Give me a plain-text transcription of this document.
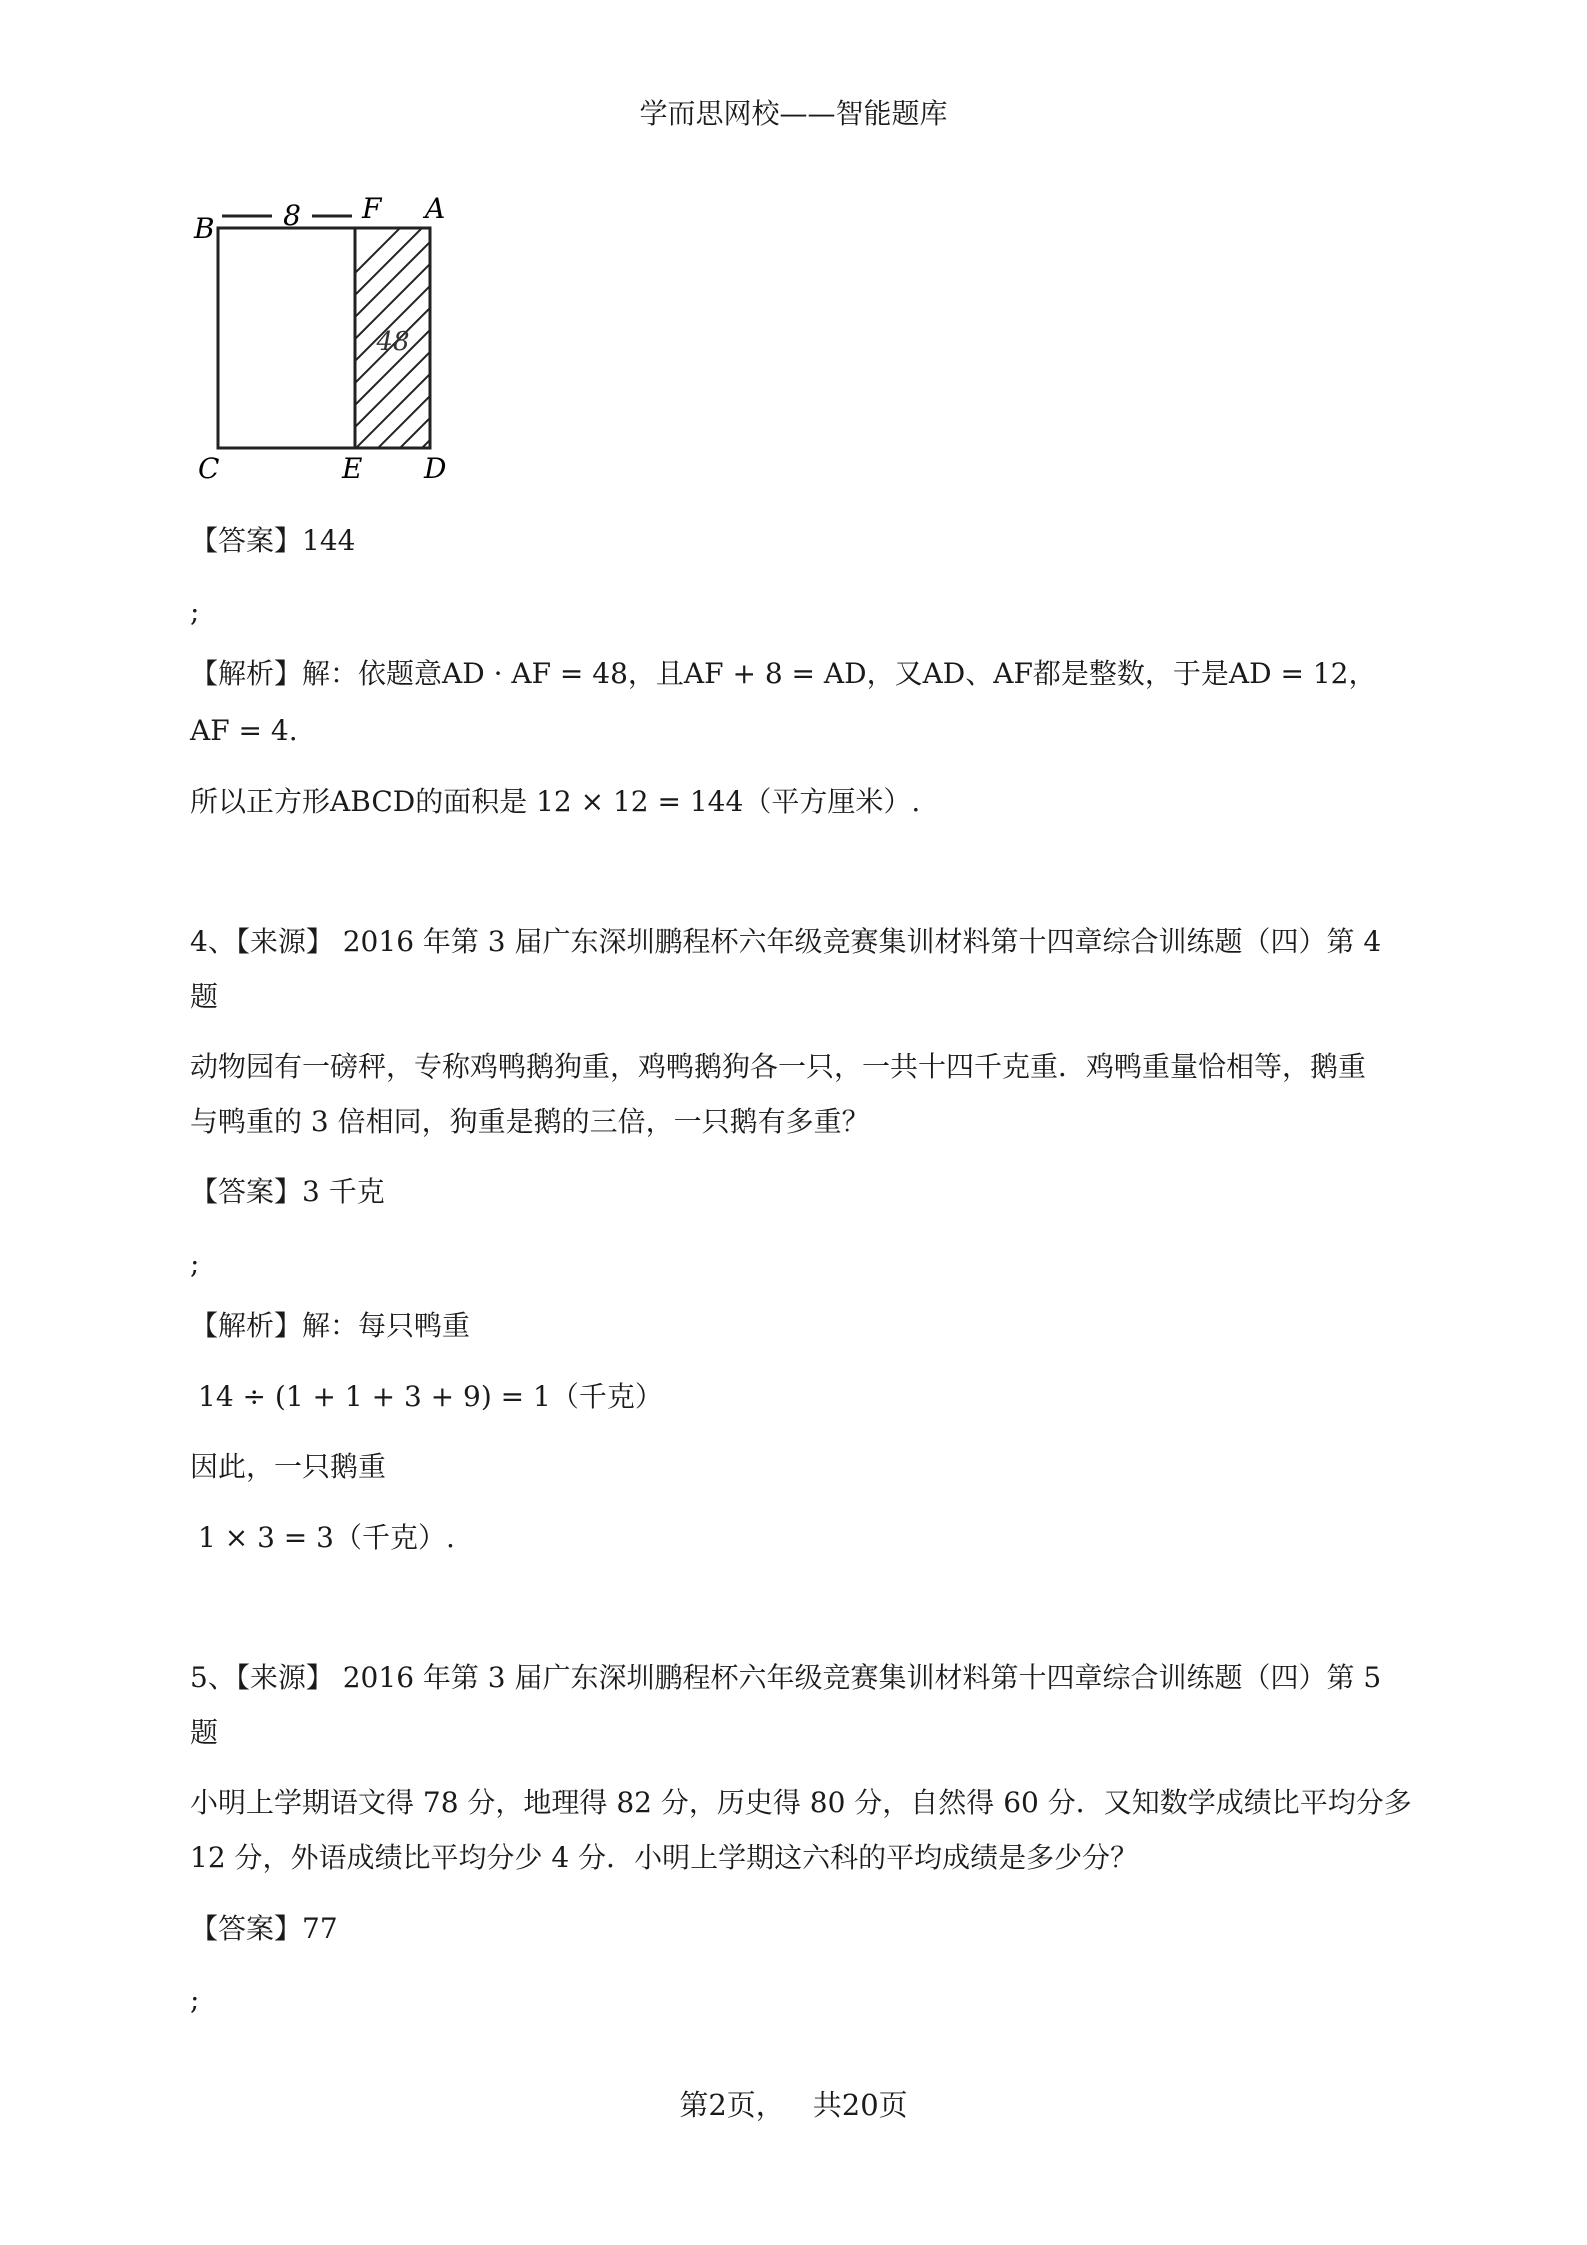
学而思网校——智能题库
8
48
B
F A
C	E D
【答案】144
;
【解析】解：依题意AD · AF = 48，且AF + 8 = AD，又AD、AF都是整数，于是AD = 12，
AF = 4.
所以正方形ABCD的面积是 12 × 12 = 144（平方厘米）.
4、【来源】 2016 年第 3 届广东深圳鹏程杯六年级竞赛集训材料第十四章综合训练题（四）第 4
题
动物园有一磅秤，专称鸡鸭鹅狗重，鸡鸭鹅狗各一只，一共十四千克重．鸡鸭重量恰相等，鹅重
与鸭重的 3 倍相同，狗重是鹅的三倍，一只鹅有多重？
【答案】3 千克
;
【解析】解：每只鸭重
14 ÷ (1 + 1 + 3 + 9) = 1（千克）
因此，一只鹅重
1 × 3 = 3（千克）.
5、【来源】 2016 年第 3 届广东深圳鹏程杯六年级竞赛集训材料第十四章综合训练题（四）第 5
题
小明上学期语文得 78 分，地理得 82 分，历史得 80 分，自然得 60 分．又知数学成绩比平均分多
12 分，外语成绩比平均分少 4 分．小明上学期这六科的平均成绩是多少分？
【答案】77
;
第2页， 共20页
